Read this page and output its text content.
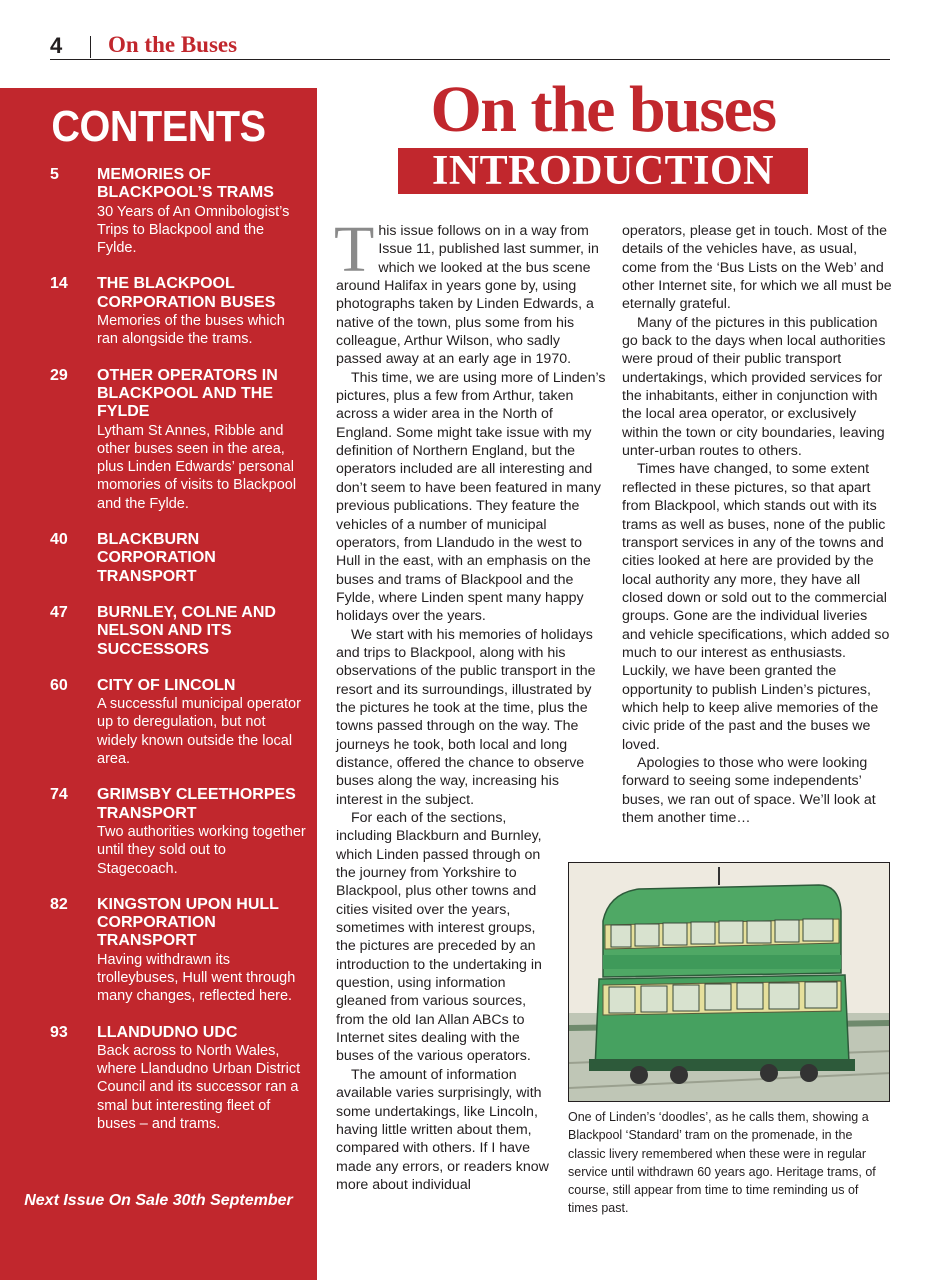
4 On the Buses
CONTENTS
5 MEMORIES OF BLACKPOOL’S TRAMS
30 Years of An Omnibologist’s Trips to Blackpool and the Fylde.
14 THE BLACKPOOL CORPORATION BUSES
Memories of the buses which ran alongside the trams.
29 OTHER OPERATORS IN BLACKPOOL AND THE FYLDE
Lytham St Annes, Ribble and other buses seen in the area, plus Linden Edwards’ personal momories of visits to Blackpool and the Fylde.
40 BLACKBURN CORPORATION TRANSPORT
47 BURNLEY, COLNE AND NELSON AND ITS SUCCESSORS
60 CITY OF LINCOLN
A successful municipal operator up to deregulation, but not widely known outside the local area.
74 GRIMSBY CLEETHORPES TRANSPORT
Two authorities working together until they sold out to Stagecoach.
82 KINGSTON UPON HULL CORPORATION TRANSPORT
Having withdrawn its trolleybuses, Hull went through many changes, reflected here.
93 LLANDUDNO UDC
Back across to North Wales, where Llandudno Urban District Council and its successor ran a smal but interesting fleet of buses – and trams.
Next Issue On Sale 30th September
On the buses
INTRODUCTION

This issue follows on in a way from Issue 11, published last summer, in which we looked at the bus scene around Halifax in years gone by, using photographs taken by Linden Edwards, a native of the town, plus some from his colleague, Arthur Wilson, who sadly passed away at an early age in 1970.

This time, we are using more of Linden’s pictures, plus a few from Arthur, taken across a wider area in the North of England. Some might take issue with my definition of Northern England, but the operators included are all interesting and don’t seem to have been featured in many previous publications. They feature the vehicles of a number of municipal operators, from Llandudo in the west to Hull in the east, with an emphasis on the buses and trams of Blackpool and the Fylde, where Linden spent many happy holidays over the years.

We start with his memories of holidays and trips to Blackpool, along with his observations of the public transport in the resort and its surroundings, illustrated by the pictures he took at the time, plus the towns passed through on the way. The journeys he took, both local and long distance, offered the chance to observe buses along the way, increasing his interest in the subject.

For each of the sections, including Blackburn and Burnley, which Linden passed through on the journey from Yorkshire to Blackpool, plus other towns and cities visited over the years, sometimes with interest groups, the pictures are preceded by an introduction to the undertaking in question, using information gleaned from various sources, from the old Ian Allan ABCs to Internet sites dealing with the buses of the various operators.

The amount of information available varies surprisingly, with some undertakings, like Lincoln, having little written about them, compared with others. If I have made any errors, or readers know more about individual

operators, please get in touch. Most of the details of the vehicles have, as usual, come from the ‘Bus Lists on the Web’ and other Internet site, for which we all must be eternally grateful.

Many of the pictures in this publication go back to the days when local authorities were proud of their public transport undertakings, which provided services for the inhabitants, either in conjunction with the local area operator, or exclusively within the town or city boundaries, leaving unter-urban routes to others.

Times have changed, to some extent reflected in these pictures, so that apart from Blackpool, which stands out with its trams as well as buses, none of the public transport services in any of the towns and cities looked at here are provided by the local authority any more, they have all closed down or sold out to the commercial groups. Gone are the individual liveries and vehicle specifications, which added so much to our interest as enthusiasts. Luckily, we have been granted the opportunity to publish Linden’s pictures, which help to keep alive memories of the civic pride of the past and the buses we loved.

Apologies to those who were looking forward to seeing some independents’ buses, we ran out of space. We’ll look at them another time…

One of Linden’s ‘doodles’, as he calls them, showing a Blackpool ‘Standard’ tram on the promenade, in the classic livery remembered when these were in regular service until withdrawn 60 years ago. Heritage trams, of course, still appear from time to time reminding us of times past.
